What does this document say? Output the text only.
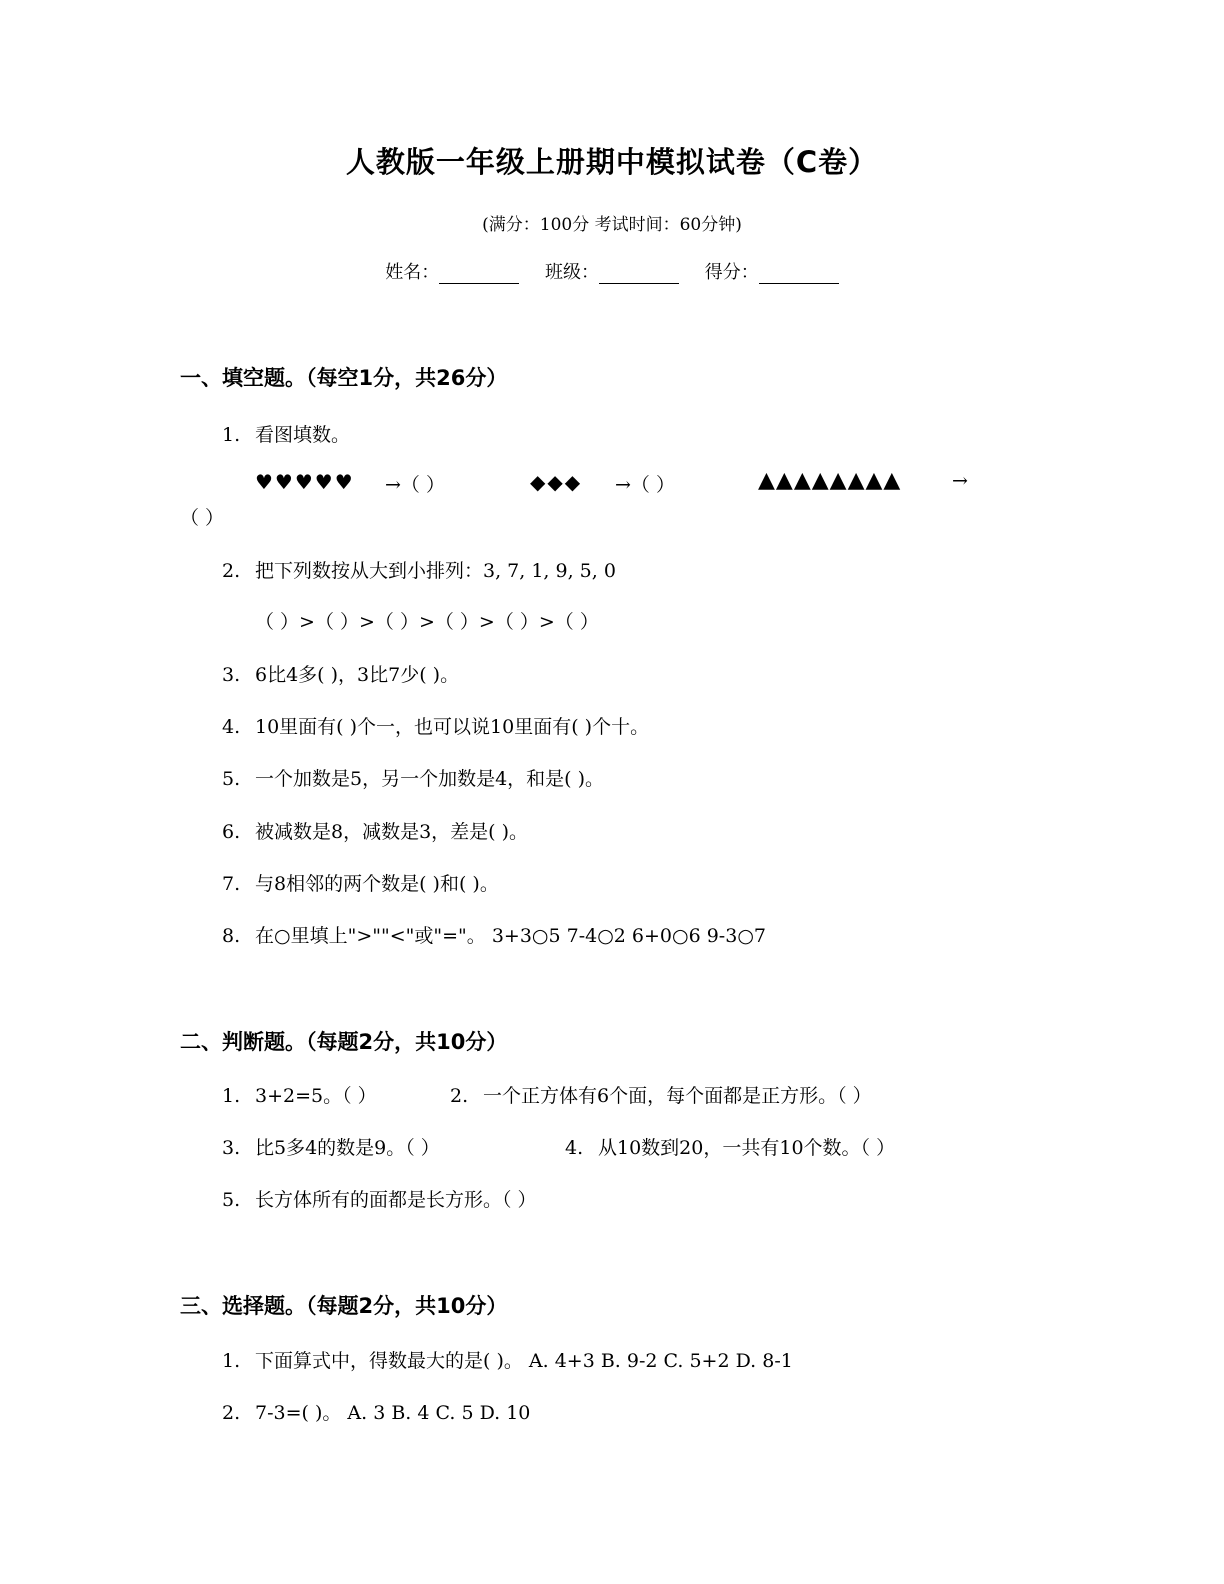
人教版一年级上册期中模拟试卷（C卷）
(满分：100分 考试时间：60分钟)
姓名：	班级：	得分：
一、填空题。（每空1分，共26分）
1. 看图填数。
♥♥♥♥♥ →（ ）	◆◆◆ →（ ）	▲▲▲▲▲▲▲▲	→
（ ）
2. 把下列数按从大到小排列：3, 7, 1, 9, 5, 0
（ ）>（ ）>（ ）>（ ）>（ ）>（ ）
3. 6比4多( )，3比7少( )。
4. 10里面有( )个一，也可以说10里面有( )个十。
5. 一个加数是5，另一个加数是4，和是( )。
6. 被减数是8，减数是3，差是( )。
7. 与8相邻的两个数是( )和( )。
8. 在○里填上">""<"或"="。 3+3○5 7-4○2 6+0○6 9-3○7
二、判断题。（每题2分，共10分）
1. 3+2=5。（ ）	2. 一个正方体有6个面，每个面都是正方形。（ ）
3. 比5多4的数是9。（ ）	4. 从10数到20，一共有10个数。（ ）
5. 长方体所有的面都是长方形。（ ）
三、选择题。（每题2分，共10分）
1. 下面算式中，得数最大的是( )。 A. 4+3 B. 9-2 C. 5+2 D. 8-1
2. 7-3=( )。 A. 3 B. 4 C. 5 D. 10
